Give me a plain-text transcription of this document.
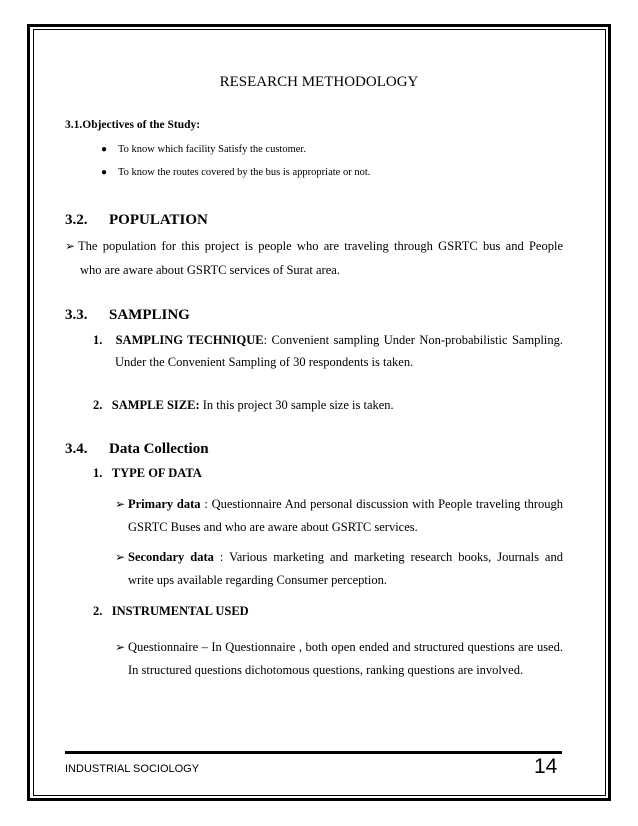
RESEARCH METHODOLOGY
3.1.Objectives of the Study:
● To know which facility Satisfy the customer.
● To know the routes covered by the bus is appropriate or not.
3.2. POPULATION
➢ The population for this project is people who are traveling through GSRTC bus and People
who are aware about GSRTC services of Surat area.
3.3. SAMPLING
1. SAMPLING TECHNIQUE: Convenient sampling Under Non-probabilistic Sampling.
Under the Convenient Sampling of 30 respondents is taken.
2. SAMPLE SIZE: In this project 30 sample size is taken.
3.4. Data Collection
1. TYPE OF DATA
➢ Primary data : Questionnaire And personal discussion with People traveling through
GSRTC Buses and who are aware about GSRTC services.
➢ Secondary data : Various marketing and marketing research books, Journals and
write ups available regarding Consumer perception.
2. INSTRUMENTAL USED
➢ Questionnaire – In Questionnaire , both open ended and structured questions are used.
In structured questions dichotomous questions, ranking questions are involved.
INDUSTRIAL SOCIOLOGY	14
